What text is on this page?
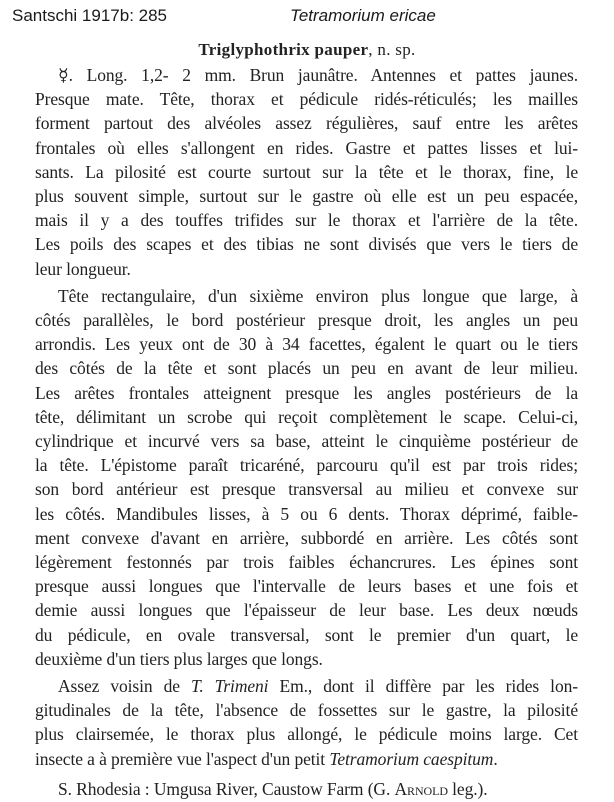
Santschi 1917b: 285	Tetramorium ericae
Triglyphothrix pauper, n. sp.
☿. Long. 1,2- 2 mm. Brun jaunâtre. Antennes et pattes jaunes.
Presque mate. Tête, thorax et pédicule ridés-réticulés; les mailles
forment partout des alvéoles assez régulières, sauf entre les arêtes
frontales où elles s'allongent en rides. Gastre et pattes lisses et lui-
sants. La pilosité est courte surtout sur la tête et le thorax, fine, le
plus souvent simple, surtout sur le gastre où elle est un peu espacée,
mais il y a des touffes trifides sur le thorax et l'arrière de la tête.
Les poils des scapes et des tibias ne sont divisés que vers le tiers de
leur longueur.
Tête rectangulaire, d'un sixième environ plus longue que large, à
côtés parallèles, le bord postérieur presque droit, les angles un peu
arrondis. Les yeux ont de 30 à 34 facettes, égalent le quart ou le tiers
des côtés de la tête et sont placés un peu en avant de leur milieu.
Les arêtes frontales atteignent presque les angles postérieurs de la
tête, délimitant un scrobe qui reçoit complètement le scape. Celui-ci,
cylindrique et incurvé vers sa base, atteint le cinquième postérieur de
la tête. L'épistome paraît tricaréné, parcouru qu'il est par trois rides;
son bord antérieur est presque transversal au milieu et convexe sur
les côtés. Mandibules lisses, à 5 ou 6 dents. Thorax déprimé, faible-
ment convexe d'avant en arrière, subbordé en arrière. Les côtés sont
légèrement festonnés par trois faibles échancrures. Les épines sont
presque aussi longues que l'intervalle de leurs bases et une fois et
demie aussi longues que l'épaisseur de leur base. Les deux nœuds
du pédicule, en ovale transversal, sont le premier d'un quart, le
deuxième d'un tiers plus larges que longs.
Assez voisin de T. Trimeni Em., dont il diffère par les rides lon-
gitudinales de la tête, l'absence de fossettes sur le gastre, la pilosité
plus clairsemée, le thorax plus allongé, le pédicule moins large. Cet
insecte a à première vue l'aspect d'un petit Tetramorium caespitum.
S. Rhodesia : Umgusa River, Caustow Farm (G. Arnold leg.).
